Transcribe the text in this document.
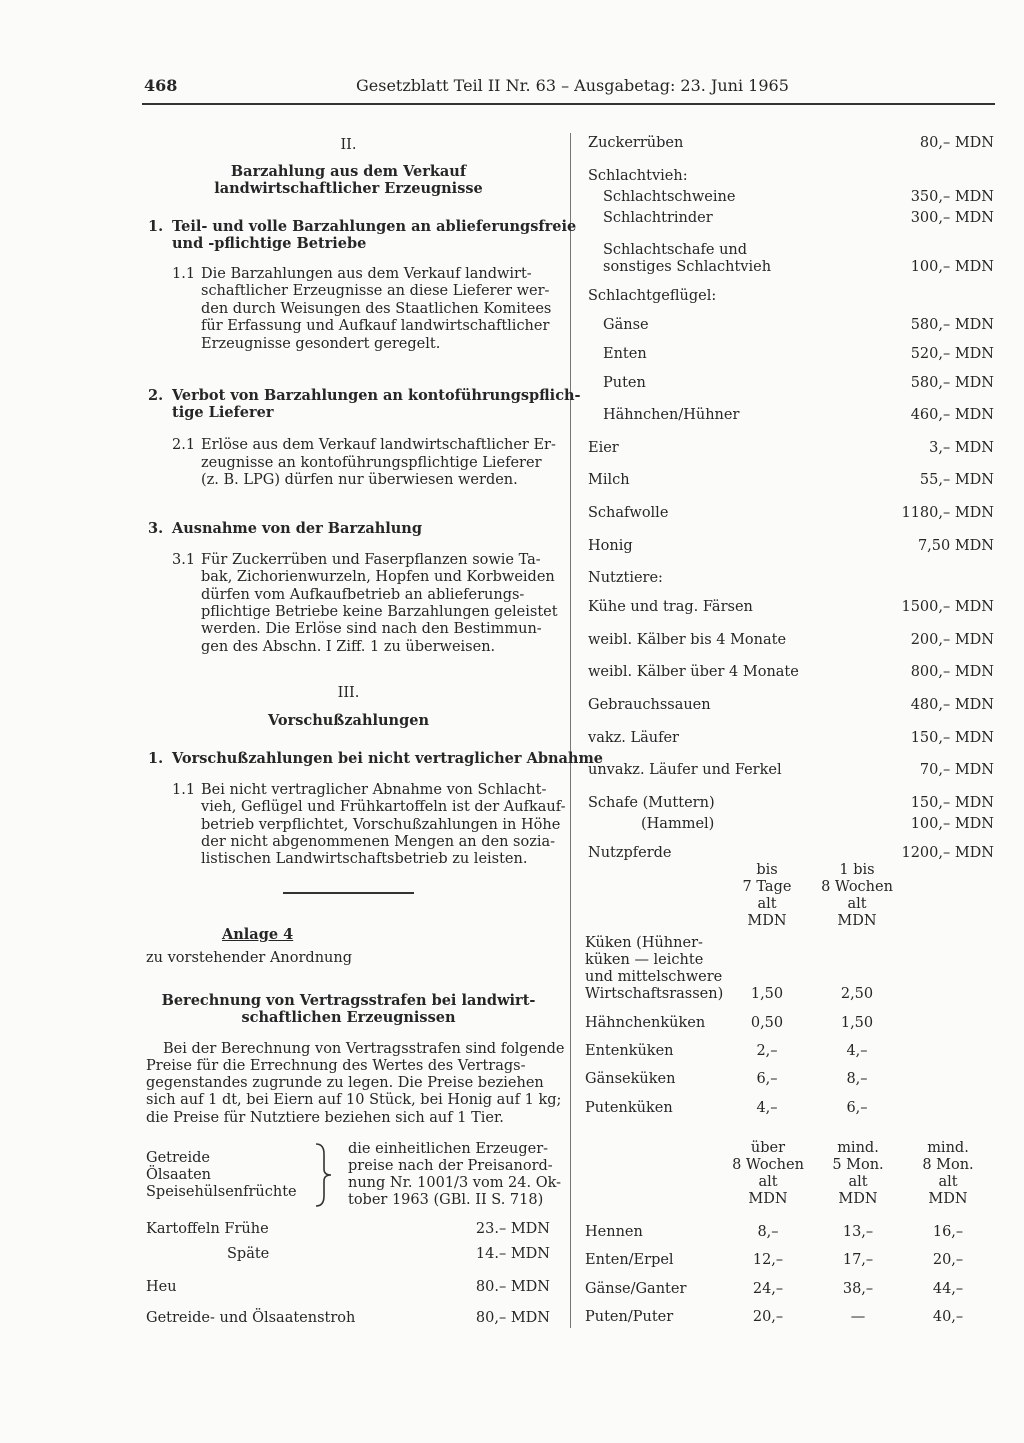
468	Gesetzblatt Teil II Nr. 63 – Ausgabetag: 23. Juni 1965
II.
Barzahlung aus dem Verkauf
landwirtschaftlicher Erzeugnisse
1. Teil- und volle Barzahlungen an ablieferungsfreie
und -pflichtige Betriebe
1.1 Die Barzahlungen aus dem Verkauf landwirt-
schaftlicher Erzeugnisse an diese Lieferer wer-
den durch Weisungen des Staatlichen Komitees
für Erfassung und Aufkauf landwirtschaftlicher
Erzeugnisse gesondert geregelt.
2. Verbot von Barzahlungen an kontoführungspflich-
tige Lieferer
2.1 Erlöse aus dem Verkauf landwirtschaftlicher Er-
zeugnisse an kontoführungspflichtige Lieferer
(z. B. LPG) dürfen nur überwiesen werden.
3. Ausnahme von der Barzahlung
3.1 Für Zuckerrüben und Faserpflanzen sowie Ta-
bak, Zichorienwurzeln, Hopfen und Korbweiden
dürfen vom Aufkaufbetrieb an ablieferungs-
pflichtige Betriebe keine Barzahlungen geleistet
werden. Die Erlöse sind nach den Bestimmun-
gen des Abschn. I Ziff. 1 zu überweisen.
III.
Vorschußzahlungen
1. Vorschußzahlungen bei nicht vertraglicher Abnahme
1.1 Bei nicht vertraglicher Abnahme von Schlacht-
vieh, Geflügel und Frühkartoffeln ist der Aufkauf-
betrieb verpflichtet, Vorschußzahlungen in Höhe
der nicht abgenommenen Mengen an den sozia-
listischen Landwirtschaftsbetrieb zu leisten.
Anlage 4
zu vorstehender Anordnung
Berechnung von Vertragsstrafen bei landwirt-
schaftlichen Erzeugnissen
Bei der Berechnung von Vertragsstrafen sind folgende
Preise für die Errechnung des Wertes des Vertrags-
gegenstandes zugrunde zu legen. Die Preise beziehen
sich auf 1 dt, bei Eiern auf 10 Stück, bei Honig auf 1 kg;
die Preise für Nutztiere beziehen sich auf 1 Tier.
Getreide
Ölsaaten
Speisehülsenfrüchte
die einheitlichen Erzeuger-
preise nach der Preisanord-
nung Nr. 1001/3 vom 24. Ok-
tober 1963 (GBl. II S. 718)
Kartoffeln Frühe	23.– MDN
Späte	14.– MDN
Heu	80.– MDN
Getreide- und Ölsaatenstroh	80,– MDN
Zuckerrüben	80,– MDN
Schlachtvieh:
Schlachtschweine	350,– MDN
Schlachtrinder	300,– MDN
Schlachtschafe und
sonstiges Schlachtvieh	100,– MDN
Schlachtgeflügel:
Gänse	580,– MDN
Enten	520,– MDN
Puten	580,– MDN
Hähnchen/Hühner	460,– MDN
Eier	3,– MDN
Milch	55,– MDN
Schafwolle	1180,– MDN
Honig	7,50 MDN
Nutztiere:
Kühe und trag. Färsen	1500,– MDN
weibl. Kälber bis 4 Monate	200,– MDN
weibl. Kälber über 4 Monate	800,– MDN
Gebrauchssauen	480,– MDN
vakz. Läufer	150,– MDN
unvakz. Läufer und Ferkel	70,– MDN
Schafe (Muttern)	150,– MDN
(Hammel)	100,– MDN
Nutzpferde	1200,– MDN
bis
7 Tage
alt
MDN
1 bis
8 Wochen
alt
MDN
Küken (Hühner-
küken — leichte
und mittelschwere
Wirtschaftsrassen)	1,50	2,50
Hähnchenküken	0,50	1,50
Entenküken	2,–	4,–
Gänseküken	6,–	8,–
Putenküken	4,–	6,–
über
8 Wochen
alt
MDN
mind.
5 Mon.
alt
MDN
mind.
8 Mon.
alt
MDN
Hennen	8,–	13,–	16,–
Enten/Erpel	12,–	17,–	20,–
Gänse/Ganter	24,–	38,–	44,–
Puten/Puter	20,–	—	40,–
